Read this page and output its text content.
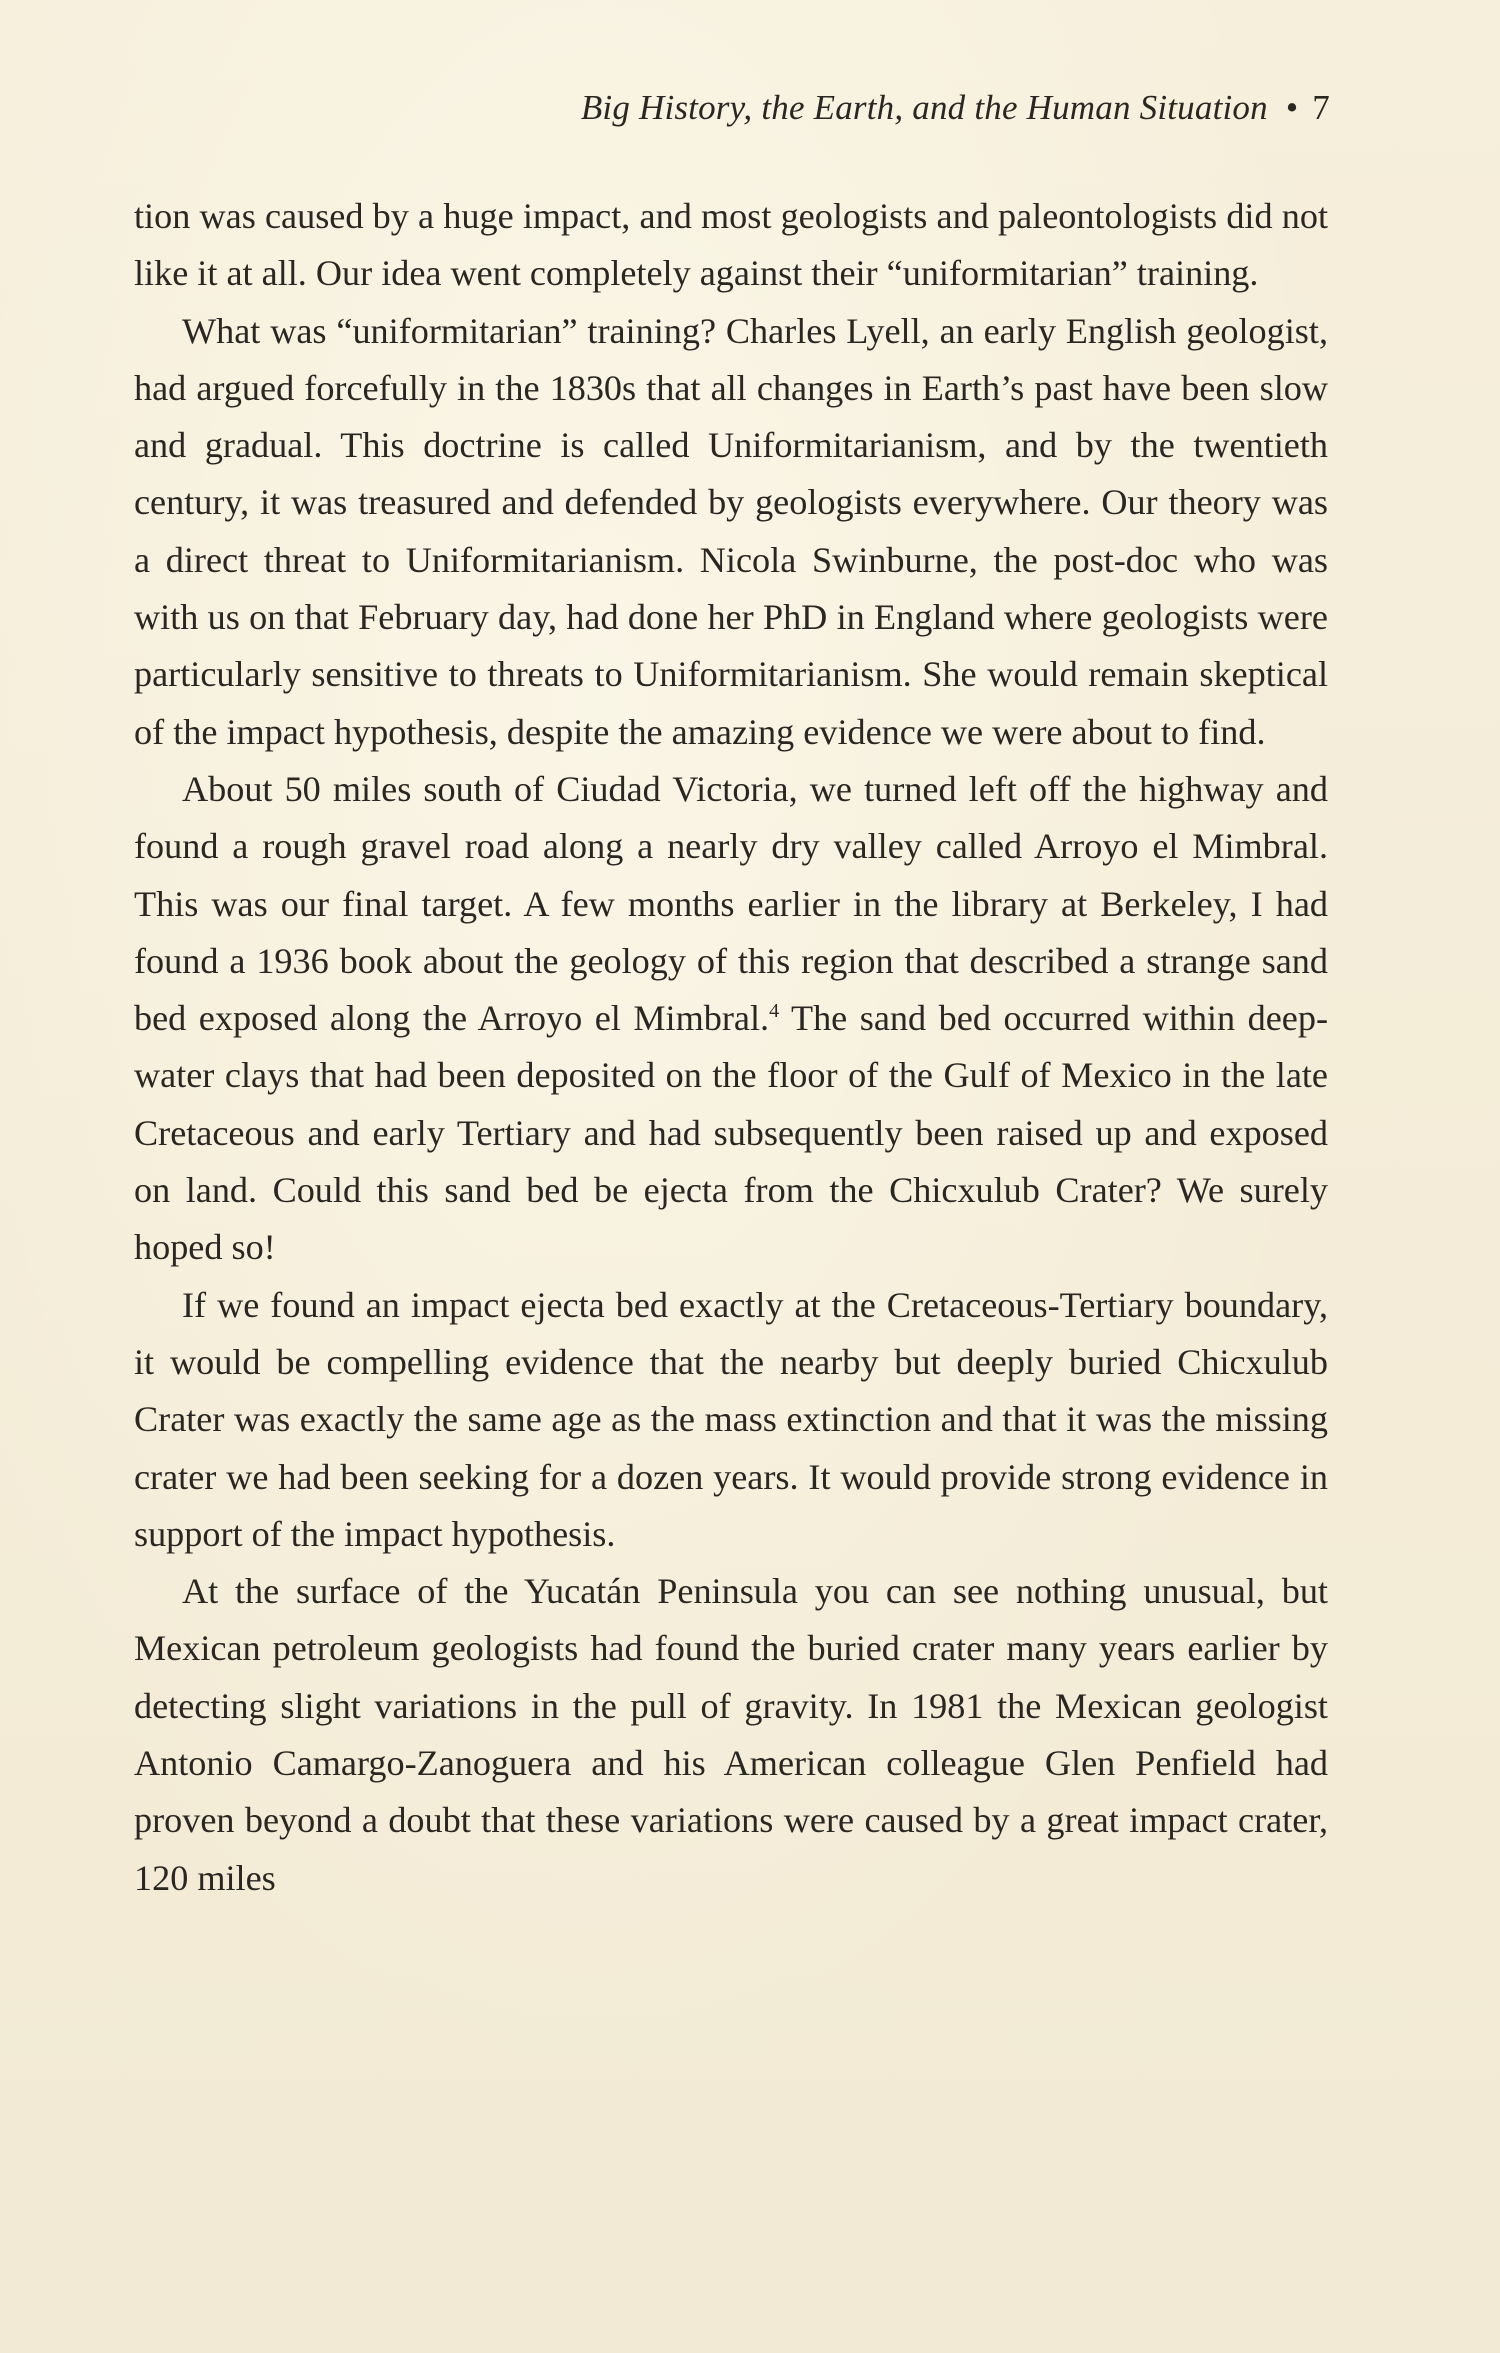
Big History, the Earth, and the Human Situation • 7

tion was caused by a huge impact, and most geologists and paleontologists did not like it at all. Our idea went completely against their “uniformitarian” training.

What was “uniformitarian” training? Charles Lyell, an early English geologist, had argued forcefully in the 1830s that all changes in Earth’s past have been slow and gradual. This doctrine is called Uniformitarianism, and by the twentieth century, it was treasured and defended by geologists everywhere. Our theory was a direct threat to Uniformitarianism. Nicola Swinburne, the post-doc who was with us on that February day, had done her PhD in England where geologists were particularly sensitive to threats to Uniformitarianism. She would remain skeptical of the impact hypothesis, despite the amazing evidence we were about to find.

About 50 miles south of Ciudad Victoria, we turned left off the highway and found a rough gravel road along a nearly dry valley called Arroyo el Mimbral. This was our final target. A few months earlier in the library at Berkeley, I had found a 1936 book about the geology of this region that described a strange sand bed exposed along the Arroyo el Mimbral.$^4$ The sand bed occurred within deep-water clays that had been deposited on the floor of the Gulf of Mexico in the late Cretaceous and early Tertiary and had subsequently been raised up and exposed on land. Could this sand bed be ejecta from the Chicxulub Crater? We surely hoped so!

If we found an impact ejecta bed exactly at the Cretaceous-Tertiary boundary, it would be compelling evidence that the nearby but deeply buried Chicxulub Crater was exactly the same age as the mass extinction and that it was the missing crater we had been seeking for a dozen years. It would provide strong evidence in support of the impact hypothesis.

At the surface of the Yucatán Peninsula you can see nothing unusual, but Mexican petroleum geologists had found the buried crater many years earlier by detecting slight variations in the pull of gravity. In 1981 the Mexican geologist Antonio Camargo-Zanoguera and his American colleague Glen Penfield had proven beyond a doubt that these variations were caused by a great impact crater, 120 miles
